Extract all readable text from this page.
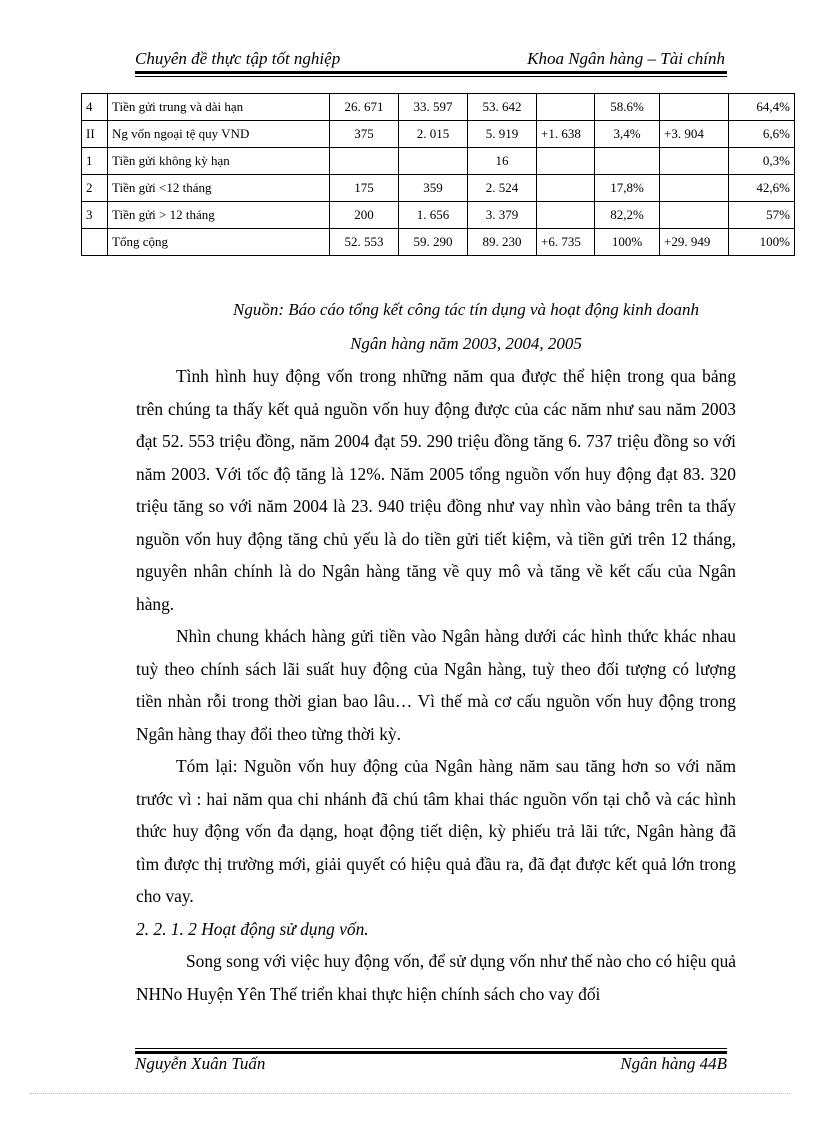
Chuyên đề thực tập tốt nghiệp	Khoa Ngân hàng – Tài chính
4	Tiền gửi trung và dài hạn	26. 671	33. 597	53. 642		58.6%		64,4%
II	Ng vốn ngoại tệ quy VND	375	2. 015	5. 919	+1. 638	3,4%	+3. 904	6,6%
1	Tiền gửi không kỳ hạn			16				0,3%
2	Tiền gửi <12 tháng	175	359	2. 524		17,8%		42,6%
3	Tiền gửi > 12 tháng	200	1. 656	3. 379		82,2%		57%
	Tổng cộng	52. 553	59. 290	89. 230	+6. 735	100%	+29. 949	100%
Nguồn: Báo cáo tổng kết công tác tín dụng và hoạt động kinh doanh
Ngân hàng năm 2003, 2004, 2005

Tình hình huy động vốn trong những năm qua được thể hiện trong qua bảng trên chúng ta thấy kết quả nguồn vốn huy động được của các năm như sau năm 2003 đạt 52. 553 triệu đồng, năm 2004 đạt 59. 290 triệu đồng tăng 6. 737 triệu đồng so với năm 2003. Với tốc độ tăng là 12%. Năm 2005 tổng nguồn vốn huy động đạt 83. 320 triệu tăng so với năm 2004 là 23. 940 triệu đồng như vay nhìn vào bảng trên ta thấy nguồn vốn huy động tăng chủ yếu là do tiền gửi tiết kiệm, và tiền gửi trên 12 tháng, nguyên nhân chính là do Ngân hàng tăng về quy mô và tăng về kết cấu của Ngân hàng.

Nhìn chung khách hàng gửi tiền vào Ngân hàng dưới các hình thức khác nhau tuỳ theo chính sách lãi suất huy động của Ngân hàng, tuỳ theo đối tượng có lượng tiền nhàn rỗi trong thời gian bao lâu… Vì thế mà cơ cấu nguồn vốn huy động trong Ngân hàng thay đổi theo từng thời kỳ.

Tóm lại: Nguồn vốn huy động của Ngân hàng năm sau tăng hơn so với năm trước vì : hai năm qua chi nhánh đã chú tâm khai thác nguồn vốn tại chỗ và các hình thức huy động vốn đa dạng, hoạt động tiết diện, kỳ phiếu trả lãi tức, Ngân hàng đã tìm được thị trường mới, giải quyết có hiệu quả đầu ra, đã đạt được kết quả lớn trong cho vay.

2. 2. 1. 2 Hoạt động sử dụng vốn.

Song song với việc huy động vốn, để sử dụng vốn như thế nào cho có hiệu quả NHNo Huyện Yên Thế triển khai thực hiện chính sách cho vay đối

Nguyễn Xuân Tuấn	Ngân hàng 44B
